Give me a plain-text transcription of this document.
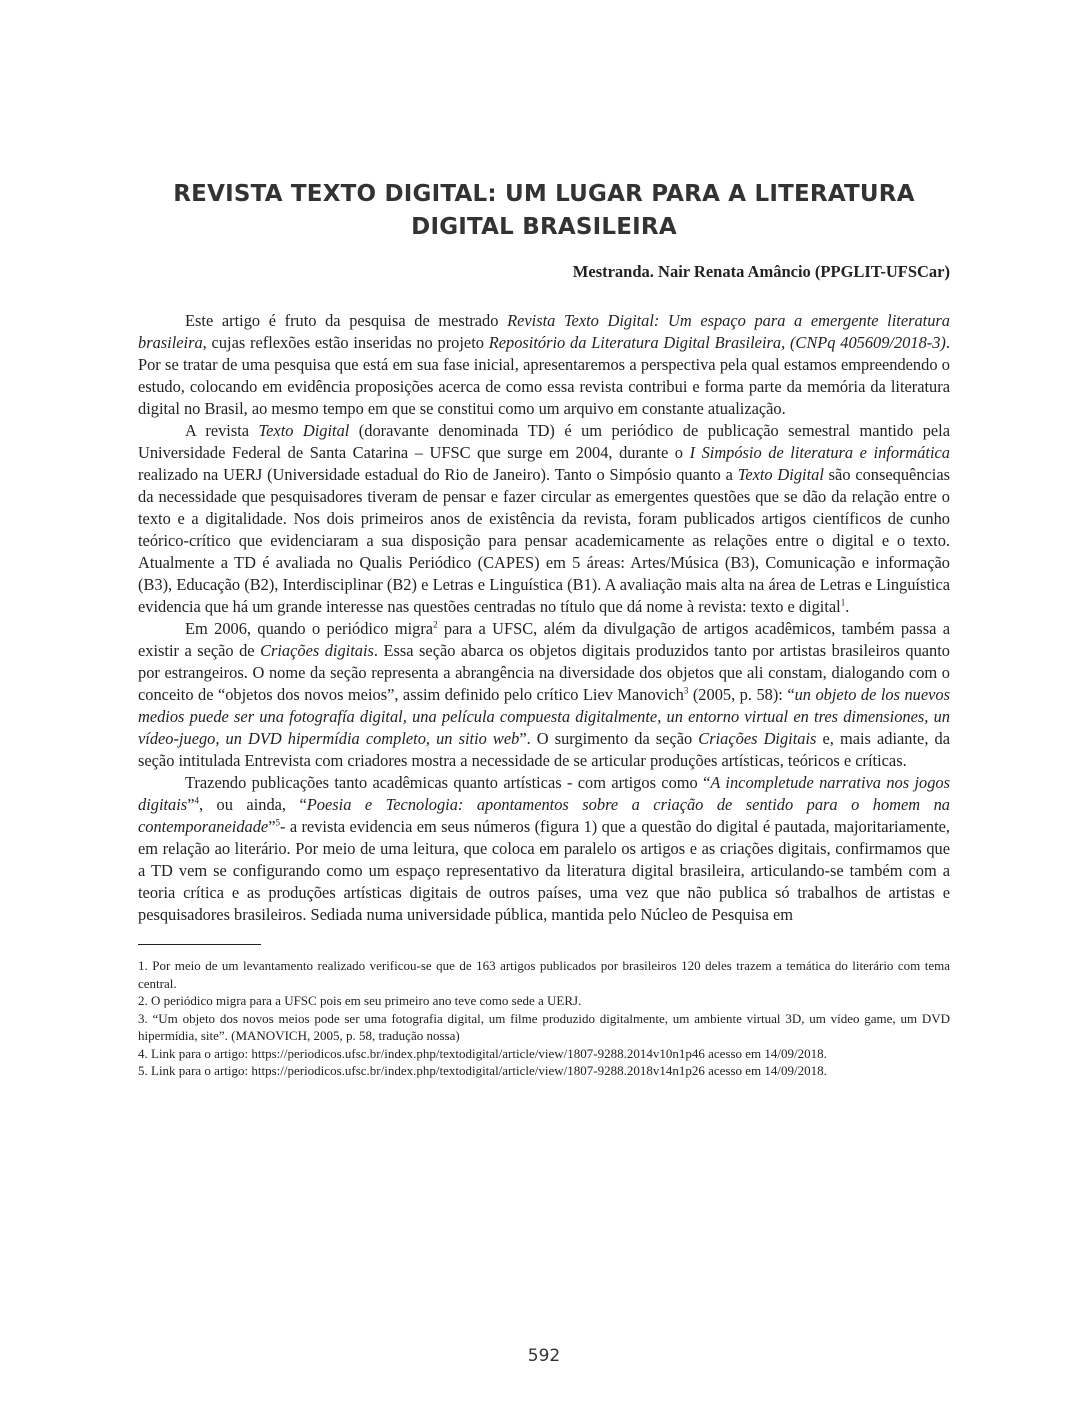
REVISTA TEXTO DIGITAL: UM LUGAR PARA A LITERATURA DIGITAL BRASILEIRA
Mestranda. Nair Renata Amâncio (PPGLIT-UFSCar)

Este artigo é fruto da pesquisa de mestrado Revista Texto Digital: Um espaço para a emergente literatura brasileira, cujas reflexões estão inseridas no projeto Repositório da Literatura Digital Brasileira, (CNPq 405609/2018-3). Por se tratar de uma pesquisa que está em sua fase inicial, apresentaremos a perspectiva pela qual estamos empreendendo o estudo, colocando em evidência proposições acerca de como essa revista contribui e forma parte da memória da literatura digital no Brasil, ao mesmo tempo em que se constitui como um arquivo em constante atualização.

A revista Texto Digital (doravante denominada TD) é um periódico de publicação semestral mantido pela Universidade Federal de Santa Catarina – UFSC que surge em 2004, durante o I Simpósio de literatura e informática realizado na UERJ (Universidade estadual do Rio de Janeiro). Tanto o Simpósio quanto a Texto Digital são consequências da necessidade que pesquisadores tiveram de pensar e fazer circular as emergentes questões que se dão da relação entre o texto e a digitalidade. Nos dois primeiros anos de existência da revista, foram publicados artigos científicos de cunho teórico-crítico que evidenciaram a sua disposição para pensar academicamente as relações entre o digital e o texto. Atualmente a TD é avaliada no Qualis Periódico (CAPES) em 5 áreas: Artes/Música (B3), Comunicação e informação (B3), Educação (B2), Interdisciplinar (B2) e Letras e Linguística (B1). A avaliação mais alta na área de Letras e Linguística evidencia que há um grande interesse nas questões centradas no título que dá nome à revista: texto e digital$^1$.

Em 2006, quando o periódico migra$^2$ para a UFSC, além da divulgação de artigos acadêmicos, também passa a existir a seção de Criações digitais. Essa seção abarca os objetos digitais produzidos tanto por artistas brasileiros quanto por estrangeiros. O nome da seção representa a abrangência na diversidade dos objetos que ali constam, dialogando com o conceito de “objetos dos novos meios”, assim definido pelo crítico Liev Manovich$^3$ (2005, p. 58): “un objeto de los nuevos medios puede ser una fotografía digital, una película compuesta digitalmente, un entorno virtual en tres dimensiones, un vídeo-juego, un DVD hipermídia completo, un sitio web”. O surgimento da seção Criações Digitais e, mais adiante, da seção intitulada Entrevista com criadores mostra a necessidade de se articular produções artísticas, teóricos e críticas.

Trazendo publicações tanto acadêmicas quanto artísticas - com artigos como “A incompletude narrativa nos jogos digitais”$^4$, ou ainda, “Poesia e Tecnologia: apontamentos sobre a criação de sentido para o homem na contemporaneidade”$^5$- a revista evidencia em seus números (figura 1) que a questão do digital é pautada, majoritariamente, em relação ao literário. Por meio de uma leitura, que coloca em paralelo os artigos e as criações digitais, confirmamos que a TD vem se configurando como um espaço representativo da literatura digital brasileira, articulando-se também com a teoria crítica e as produções artísticas digitais de outros países, uma vez que não publica só trabalhos de artistas e pesquisadores brasileiros. Sediada numa universidade pública, mantida pelo Núcleo de Pesquisa em

1. Por meio de um levantamento realizado verificou-se que de 163 artigos publicados por brasileiros 120 deles trazem a temática do literário com tema central.

2. O periódico migra para a UFSC pois em seu primeiro ano teve como sede a UERJ.

3. “Um objeto dos novos meios pode ser uma fotografia digital, um filme produzido digitalmente, um ambiente virtual 3D, um vídeo game, um DVD hipermídia, site”. (MANOVICH, 2005, p. 58, tradução nossa)

4. Link para o artigo: https://periodicos.ufsc.br/index.php/textodigital/article/view/1807-9288.2014v10n1p46 acesso em 14/09/2018.

5. Link para o artigo: https://periodicos.ufsc.br/index.php/textodigital/article/view/1807-9288.2018v14n1p26 acesso em 14/09/2018.

592
